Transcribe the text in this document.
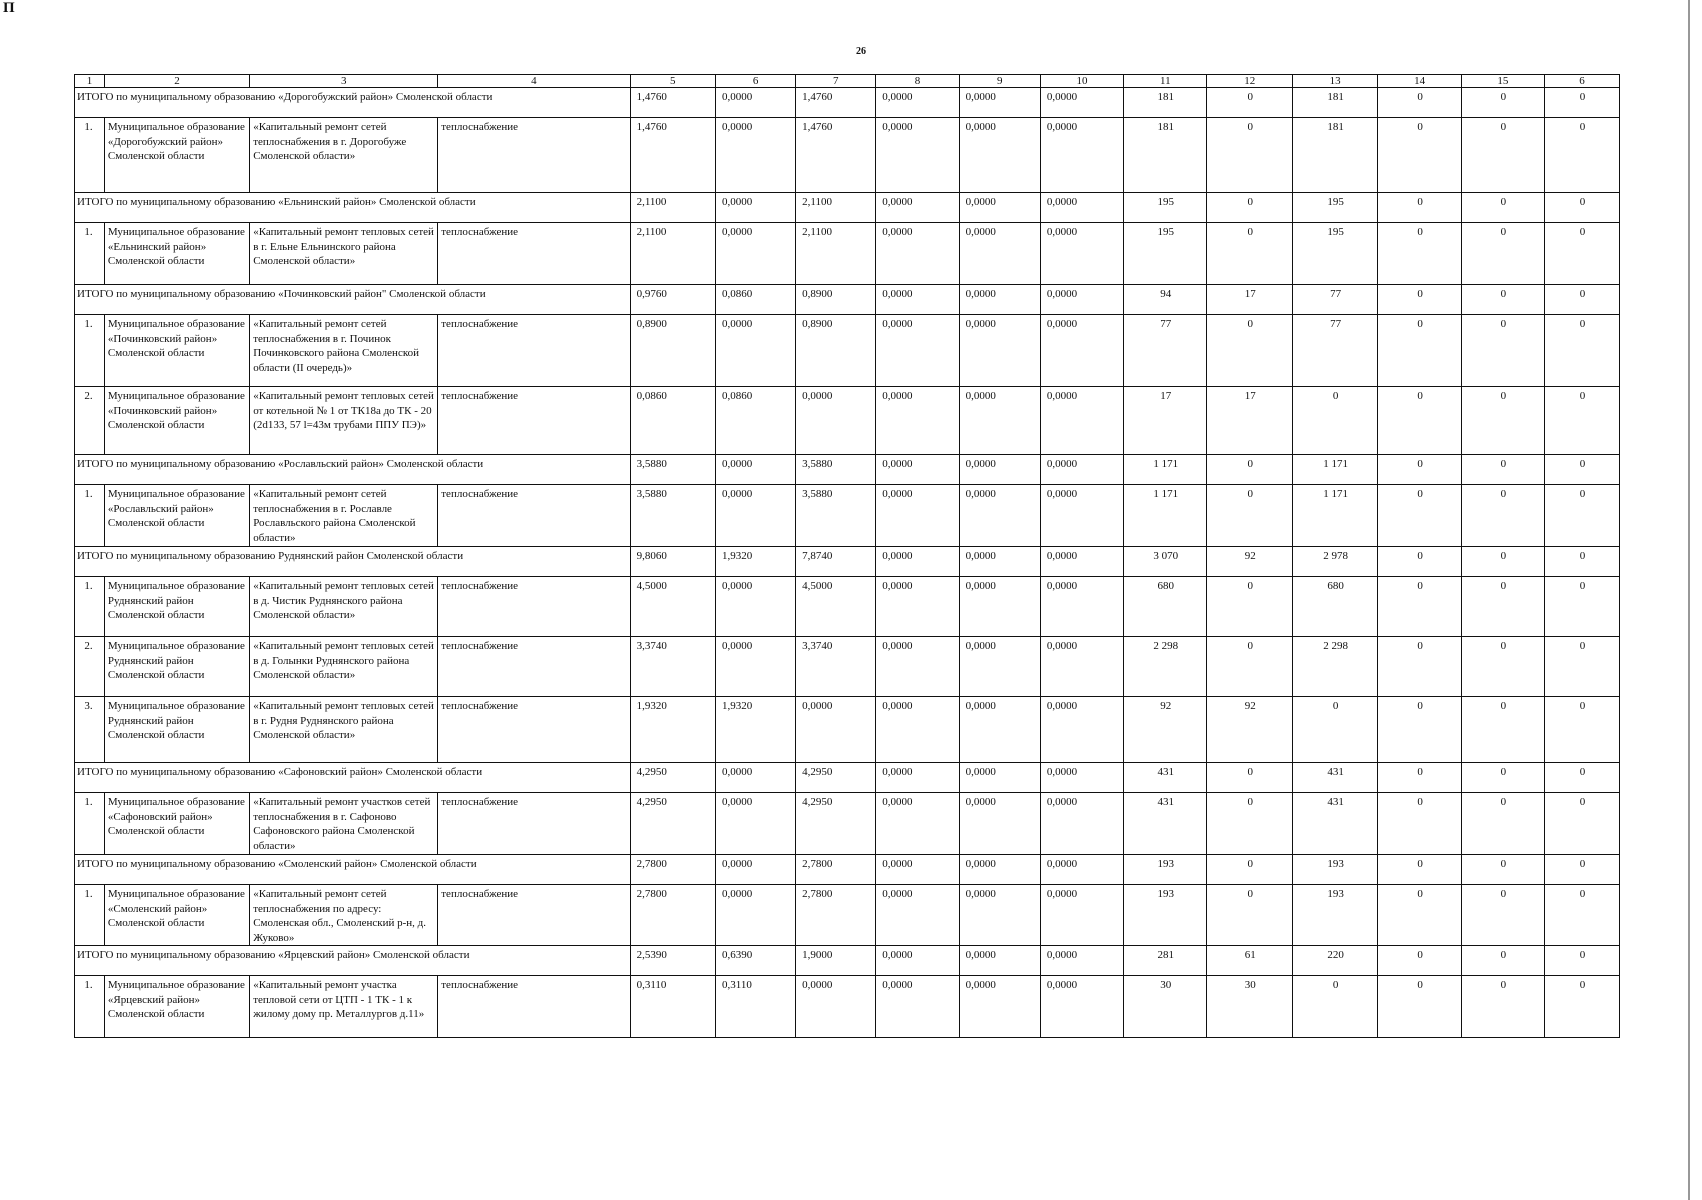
П
26
1	2	3	4	5	6	7	8	9	10	11	12	13	14	15	6
ИТОГО по муниципальному образованию «Дорогобужский район» Смоленской области				1,4760	0,0000	1,4760	0,0000	0,0000	0,0000	181	0	181	0	0	0
1.	Муниципальное образование «Дорогобужский район» Смоленской области	«Капитальный ремонт сетей теплоснабжения в г. Дорогобуже Смоленской области»	теплоснабжение	1,4760	0,0000	1,4760	0,0000	0,0000	0,0000	181	0	181	0	0	0
ИТОГО по муниципальному образованию «Ельнинский район» Смоленской области				2,1100	0,0000	2,1100	0,0000	0,0000	0,0000	195	0	195	0	0	0
1.	Муниципальное образование «Ельнинский район» Смоленской области	«Капитальный ремонт тепловых сетей в г. Ельне Ельнинского района Смоленской области»	теплоснабжение	2,1100	0,0000	2,1100	0,0000	0,0000	0,0000	195	0	195	0	0	0
ИТОГО по муниципальному образованию «Починковский район" Смоленской области				0,9760	0,0860	0,8900	0,0000	0,0000	0,0000	94	17	77	0	0	0
1.	Муниципальное образование «Починковский район» Смоленской области	«Капитальный ремонт сетей теплоснабжения в г. Починок Починковского района Смоленской области (II очередь)»	теплоснабжение	0,8900	0,0000	0,8900	0,0000	0,0000	0,0000	77	0	77	0	0	0
2.	Муниципальное образование «Починковский район» Смоленской области	«Капитальный ремонт тепловых сетей от котельной № 1 от ТК18а до ТК - 20 (2d133, 57 l=43м трубами ППУ ПЭ)»	теплоснабжение	0,0860	0,0860	0,0000	0,0000	0,0000	0,0000	17	17	0	0	0	0
ИТОГО по муниципальному образованию «Рославльский район» Смоленской области				3,5880	0,0000	3,5880	0,0000	0,0000	0,0000	1 171	0	1 171	0	0	0
1.	Муниципальное образование «Рославльский район» Смоленской области	«Капитальный ремонт сетей теплоснабжения в г. Рославле Рославльского района Смоленской области»	теплоснабжение	3,5880	0,0000	3,5880	0,0000	0,0000	0,0000	1 171	0	1 171	0	0	0
ИТОГО по муниципальному образованию Руднянский район Смоленской области				9,8060	1,9320	7,8740	0,0000	0,0000	0,0000	3 070	92	2 978	0	0	0
1.	Муниципальное образование Руднянский район Смоленской области	«Капитальный ремонт тепловых сетей в д. Чистик Руднянского района Смоленской области»	теплоснабжение	4,5000	0,0000	4,5000	0,0000	0,0000	0,0000	680	0	680	0	0	0
2.	Муниципальное образование Руднянский район Смоленской области	«Капитальный ремонт тепловых сетей в д. Голынки Руднянского района Смоленской области»	теплоснабжение	3,3740	0,0000	3,3740	0,0000	0,0000	0,0000	2 298	0	2 298	0	0	0
3.	Муниципальное образование Руднянский район Смоленской области	«Капитальный ремонт тепловых сетей в г. Рудня Руднянского района Смоленской области»	теплоснабжение	1,9320	1,9320	0,0000	0,0000	0,0000	0,0000	92	92	0	0	0	0
ИТОГО по муниципальному образованию «Сафоновский район» Смоленской области				4,2950	0,0000	4,2950	0,0000	0,0000	0,0000	431	0	431	0	0	0
1.	Муниципальное образование «Сафоновский район» Смоленской области	«Капитальный ремонт участков сетей теплоснабжения в г. Сафоново Сафоновского района Смоленской области»	теплоснабжение	4,2950	0,0000	4,2950	0,0000	0,0000	0,0000	431	0	431	0	0	0
ИТОГО по муниципальному образованию «Смоленский район» Смоленской области				2,7800	0,0000	2,7800	0,0000	0,0000	0,0000	193	0	193	0	0	0
1.	Муниципальное образование «Смоленский район» Смоленской области	«Капитальный ремонт сетей теплоснабжения по адресу: Смоленская обл., Смоленский р-н, д. Жуково»	теплоснабжение	2,7800	0,0000	2,7800	0,0000	0,0000	0,0000	193	0	193	0	0	0
ИТОГО по муниципальному образованию «Ярцевский район» Смоленской области				2,5390	0,6390	1,9000	0,0000	0,0000	0,0000	281	61	220	0	0	0
1.	Муниципальное образование «Ярцевский район» Смоленской области	«Капитальный ремонт участка тепловой сети от ЦТП - 1 ТК - 1 к жилому дому пр. Металлургов д.11»	теплоснабжение	0,3110	0,3110	0,0000	0,0000	0,0000	0,0000	30	30	0	0	0	0
